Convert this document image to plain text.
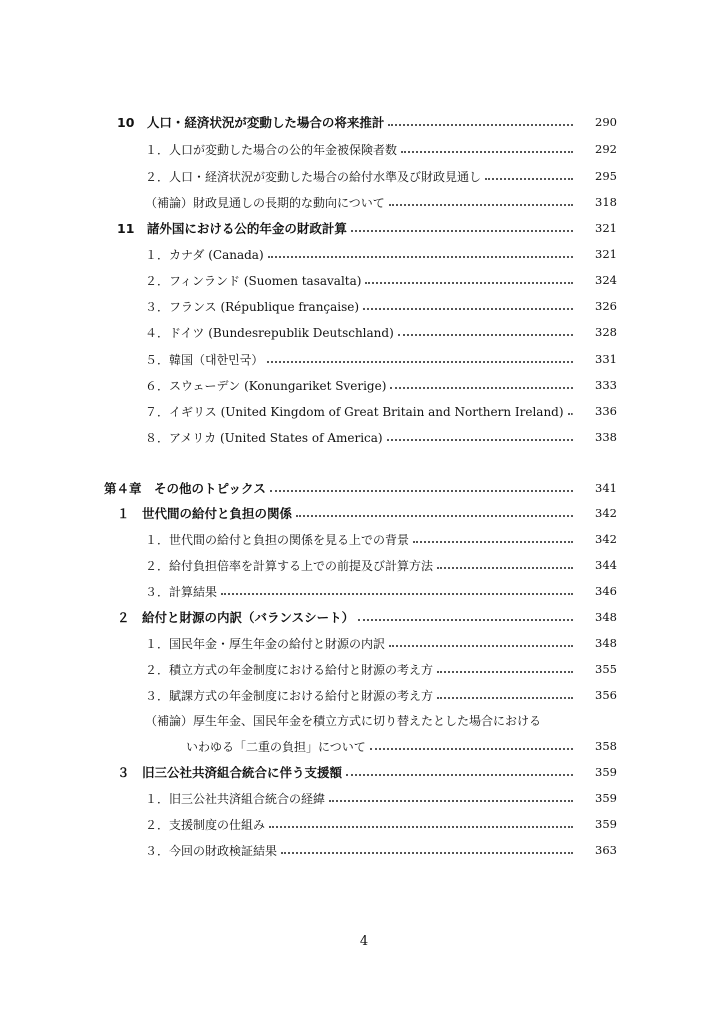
10　人口・経済状況が変動した場合の将来推計	290
１．人口が変動した場合の公的年金被保険者数	292
２．人口・経済状況が変動した場合の給付水準及び財政見通し	295
（補論）財政見通しの長期的な動向について	318
11　諸外国における公的年金の財政計算	321
１．カナダ (Canada)	321
２．フィンランド (Suomen tasavalta)	324
３．フランス (République française)	326
４．ドイツ (Bundesrepublik Deutschland)	328
５．韓国（대한민국）	331
６．スウェーデン (Konungariket Sverige)	333
７．イギリス (United Kingdom of Great Britain and Northern Ireland)	336
８．アメリカ (United States of America)	338
第４章　その他のトピックス	341
１　世代間の給付と負担の関係	342
１．世代間の給付と負担の関係を見る上での背景	342
２．給付負担倍率を計算する上での前提及び計算方法	344
３．計算結果	346
２　給付と財源の内訳（バランスシート）	348
１．国民年金・厚生年金の給付と財源の内訳	348
２．積立方式の年金制度における給付と財源の考え方	355
３．賦課方式の年金制度における給付と財源の考え方	356
（補論）厚生年金、国民年金を積立方式に切り替えたとした場合における
いわゆる「二重の負担」について	358
３　旧三公社共済組合統合に伴う支援額	359
１．旧三公社共済組合統合の経緯	359
２．支援制度の仕組み	359
３．今回の財政検証結果	363
4
